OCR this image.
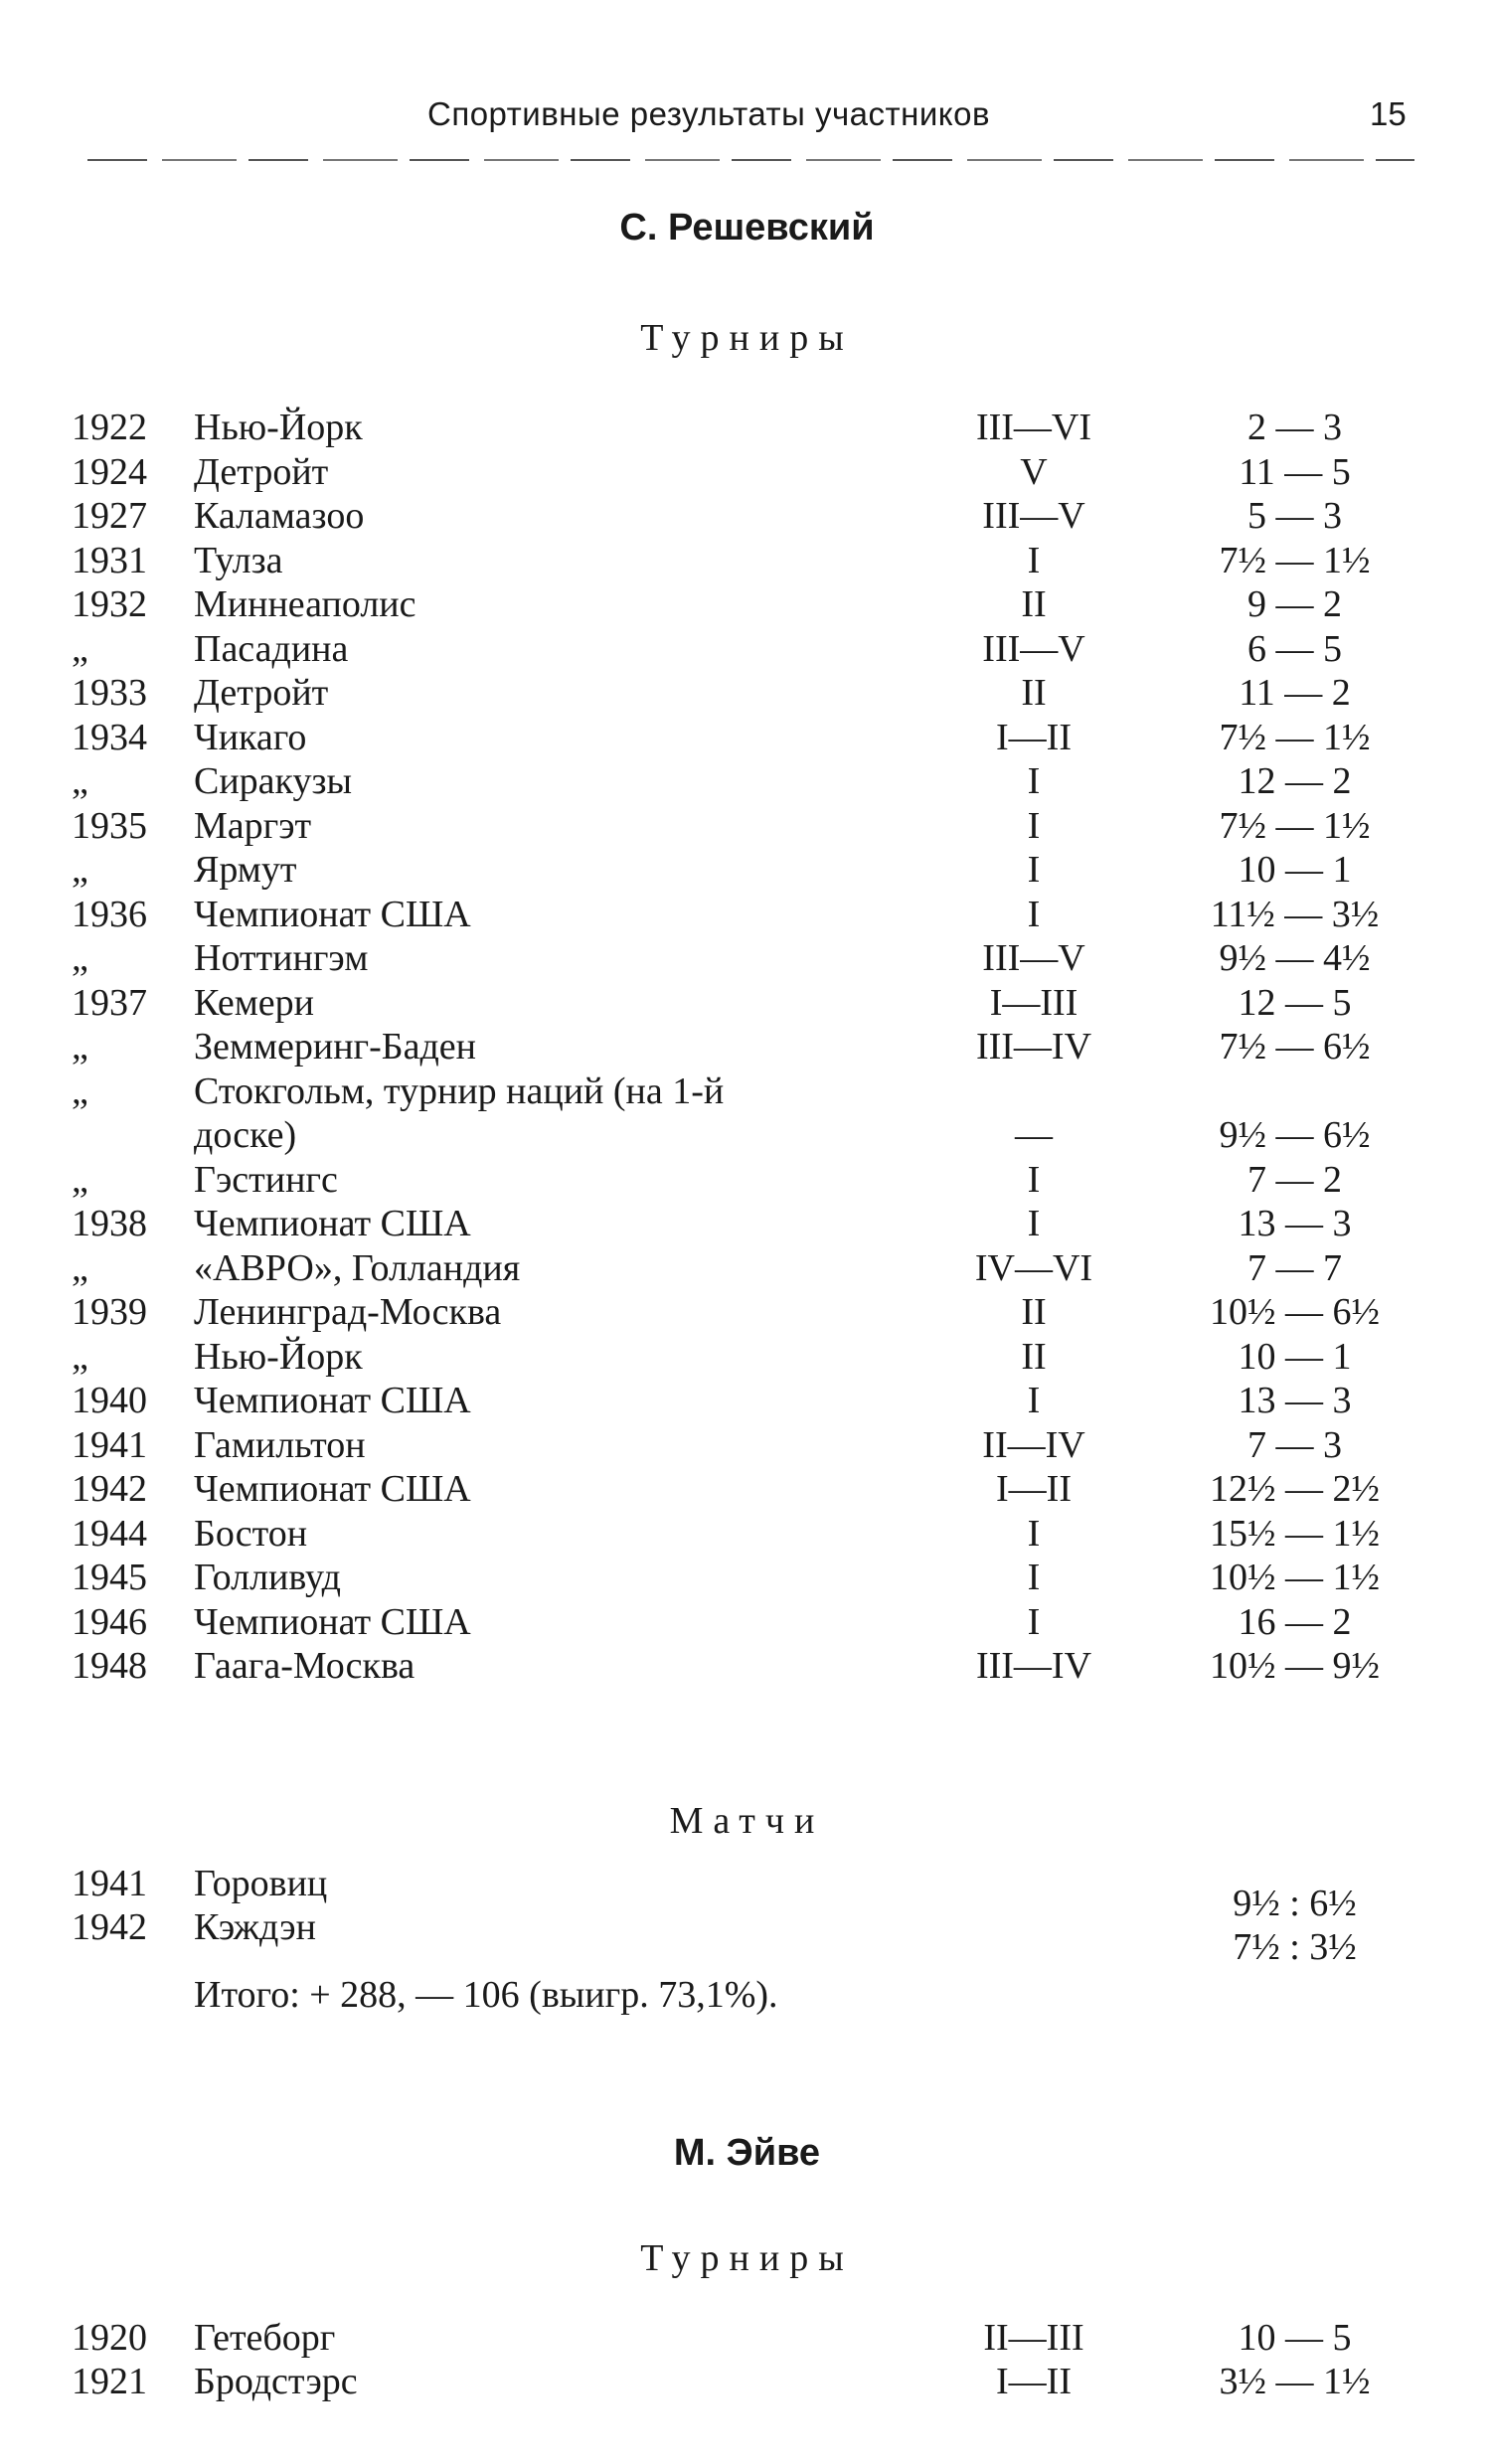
Спортивные результаты участников	15
С. Решевский
Турниры
1922	Нью-Йорк	III—VI	2 — 3
1924	Детройт	V	11 — 5
1927	Каламазоо	III—V	5 — 3
1931	Тулза	I	7½ — 1½
1932	Миннеаполис	II	9 — 2
„	Пасадина	III—V	6 — 5
1933	Детройт	II	11 — 2
1934	Чикаго	I—II	7½ — 1½
„	Сиракузы	I	12 — 2
1935	Маргэт	I	7½ — 1½
„	Ярмут	I	10 — 1
1936	Чемпионат США	I	11½ — 3½
„	Ноттингэм	III—V	9½ — 4½
1937	Кемери	I—III	12 — 5
„	Земмеринг-Баден	III—IV	7½ — 6½
„	Стокгольм, турнир наций (на 1-й
доске)	—	9½ — 6½
„	Гэстингс	I	7 — 2
1938	Чемпионат США	I	13 — 3
„	«АВРО», Голландия	IV—VI	7 — 7
1939	Ленинград-Москва	II	10½ — 6½
„	Нью-Йорк	II	10 — 1
1940	Чемпионат США	I	13 — 3
1941	Гамильтон	II—IV	7 — 3
1942	Чемпионат США	I—II	12½ — 2½
1944	Бостон	I	15½ — 1½
1945	Голливуд	I	10½ — 1½
1946	Чемпионат США	I	16 — 2
1948	Гаага-Москва	III—IV	10½ — 9½
Матчи
1941	Горовиц	9½ : 6½
1942	Кэждэн	7½ : 3½
Итого: + 288, — 106 (выигр. 73,1%).
М. Эйве
Турниры
1920	Гетеборг	II—III	10 — 5
1921	Бродстэрс	I—II	3½ — 1½
